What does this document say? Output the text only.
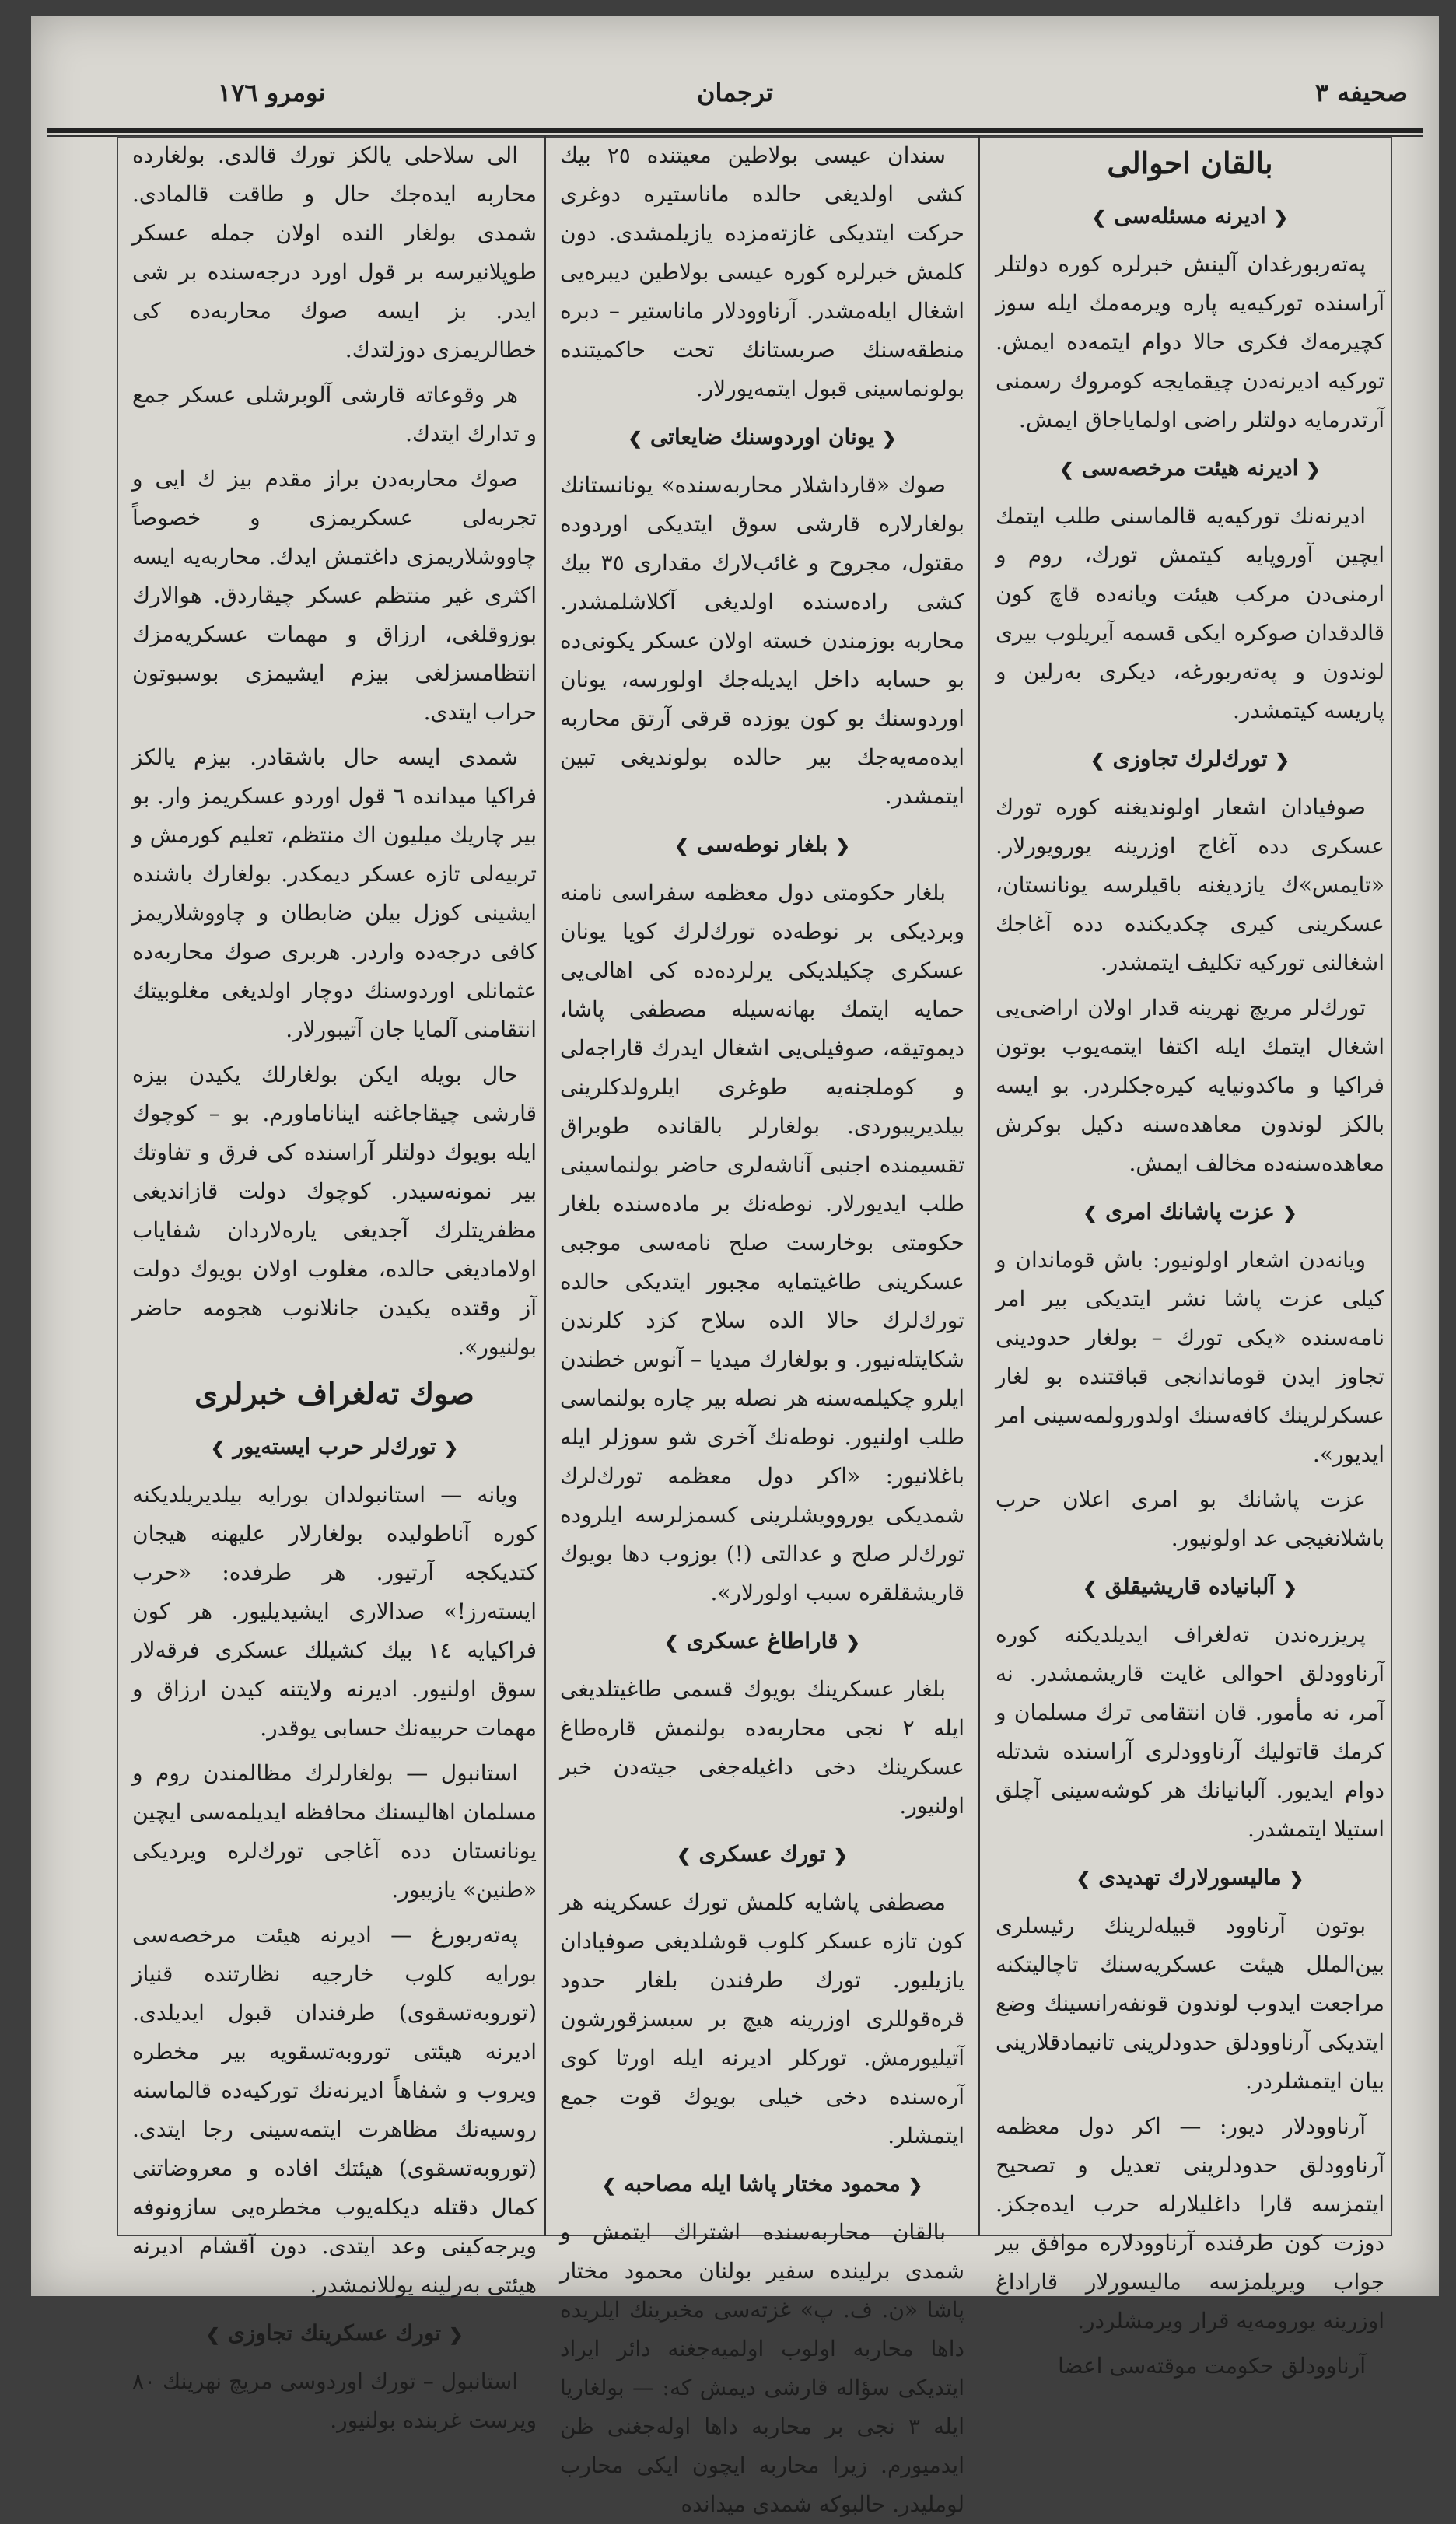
صحيفه ٣
ترجمان
نومرو ١٧٦
بالقان احوالی
❮ادیرنه مسئله‌سی❯

پەتەربورغدان آلینش خبرلره کوره دولتلر آراسنده تورکیه‌یه پاره ویرمه‌مك ایله سوز کچیرمه‌ك فکری حالا دوام ایتمه‌ده ایمش. تورکیه ادیرنه‌دن چیقمایجه کومروك رسمنی آرتدرمایه دولتلر راضی اولمایاجاق ایمش.

❮ادیرنه هیئت مرخصه‌سی❯

ادیرنه‌نك تورکیه‌یه قالماسنی طلب ایتمك ایچین آوروپایه کیتمش تورك، روم و ارمنی‌دن مرکب هیئت ویانه‌ده قاچ کون قالدقدان صوکره ایکی قسمه آیریلوب بیری لوندون و پەتەربورغه، دیکری بەرلین و پاریسه کیتمشدر.

❮تورك‌لرك تجاوزی❯

صوفیادان اشعار اولوندیغنه کوره تورك عسکری دده آغاج اوزرینه یورویورلار. «تایمس»ك یازدیغنه باقیلرسه یونانستان، عسکرینی کیری چکدیکنده دده آغاجك اشغالنی تورکیه تکلیف ایتمشدر.

تورك‌لر مریچ نهرینه قدار اولان اراضی‌یی اشغال ایتمك ایله اکتفا ایتمه‌یوب بوتون فراکیا و ماکدونیایه کیره‌جکلردر. بو ایسه بالکز لوندون معاهده‌سنه دکیل بوکرش معاهده‌سنه‌ده مخالف ایمش.

❮عزت پاشانك امری❯

ویانه‌دن اشعار اولونیور: باش قوماندان و کیلی عزت پاشا نشر ایتدیکی بیر امر نامه‌سنده «یکی تورك – بولغار حدودینی تجاوز ایدن قوماندانجی قباقتنده بو لغار عسکرلرینك کافه‌سنك اولدورولمه‌سینی امر ایدیور».

عزت پاشانك بو امری اعلان حرب باشلانغیجی عد اولونیور.

❮آلبانیاده قاریشیقلق❯

پریزره‌ندن تەلغراف ایدیلدیکنه کوره آرناوودلق احوالی غایت قاریشمشدر. نه آمر، نه مأمور. قان انتقامی ترك مسلمان و کرمك قاتولیك آرناوودلری آراسنده شدتله دوام ایدیور. آلبانیانك هر کوشه‌سینی آچلق استیلا ایتمشدر.

❮مالیسورلارك تهدیدی❯

بوتون آرناوود قبیله‌لرینك رئیسلری بین‌الملل هیئت عسکریه‌سنك تاچالیتکنه مراجعت ایدوب لوندون قونفەرانسینك وضع ایتدیکی آرناوودلق حدودلرینی تانیمادقلارینی بیان ایتمشلردر.

آرناوودلار دیور: — اکر دول معظمه آرناوودلق حدودلرینی تعدیل و تصحیح ایتمزسه قارا داغلیلارله حرب ایده‌جکز. دوزت کون طرفنده آرناوودلاره موافق بیر جواب ویریلمزسه مالیسورلار قاراداغ اوزرینه یورومه‌یه قرار ویرمشلردر.

آرناوودلق حکومت موقته‌سی اعضا

سندان عیسی بولاطین معیتنده ٢٥ بیك کشی اولدیغی حالده ماناستیره دوغری حرکت ایتدیکی غازته‌مزده یازیلمشدی. دون کلمش خبرلره کوره عیسی بولاطین دیبره‌یی اشغال ایله‌مشدر. آرناوودلار ماناستیر – دبره منطقه‌سنك صربستانك تحت حاکمیتنده بولونماسینی قبول ایتمه‌یورلار.

❮یونان اوردوسنك ضایعاتی❯

صوك «قارداشلار محاربه‌سنده» یونانستانك بولغارلاره قارشی سوق ایتدیکی اوردوده مقتول، مجروح و غائب‌لارك مقداری ٣٥ بیك کشی راده‌سنده اولدیغی آکلاشلمشدر. محاربه بوزمندن خسته اولان عسکر یکونی‌ده بو حسابه داخل ایدیله‌جك اولورسه، یونان اوردوسنك بو کون یوزده قرقی آرتق محاربه ایده‌مه‌یه‌جك بیر حالده بولوندیغی تبین ایتمشدر.

❮بلغار نوطه‌سی❯

بلغار حکومتی دول معظمه سفراسی نامنه وبردیکی بر نوطه‌ده تورك‌لرك کویا یونان عسکری چکیلدیکی یرلرده‌ده کی اهالی‌یی حمایه ایتمك بهانه‌سیله مصطفی پاشا، دیموتیقه، صوفیلی‌یی اشغال ایدرك قاراجه‌لی و کوملجنه‌یه طوغری ایلرولدکلرینی بیلدیریبوردی. بولغارلر بالقانده طوبراق تقسیمنده اجنبی آناشه‌لری حاضر بولنماسینی طلب ایدیورلار. نوطه‌نك بر ماده‌سنده بلغار حکومتی بوخارست صلح نامه‌سی موجبی عسکرینی طاغیتمایه مجبور ایتدیکی حالده تورك‌لرك حالا الده سلاح کزد کلرندن شکایتله‌نیور. و بولغارك میدیا – آنوس خطندن ایلرو چکیلمه‌سنه هر نصله بیر چاره بولنماسی طلب اولنیور. نوطه‌نك آخری شو سوزلر ایله باغلانیور: «اکر دول معظمه تورك‌لرك شمدیکی یوروویشلرینی کسمزلرسه ایلروده تورك‌لر صلح و عدالتی (!) بوزوب دها بویوك قاریشقلقره سبب اولورلار».

❮قاراطاغ عسکری❯

بلغار عسکرینك بویوك قسمی طاغیتلدیغی ایله ٢ نجی محاربه‌ده بولنمش قاره‌طاغ عسکرینك دخی داغیله‌جغی جیته‌دن خبر اولنیور.

❮تورك عسکری❯

مصطفی پاشایه کلمش تورك عسکرینه هر کون تازه عسکر کلوب قوشلدیغی صوفیادان یازیلیور. تورك طرفندن بلغار حدود قره‌قوللری اوزرینه هیچ بر سبسزقورشون آتیلیورمش. تورکلر ادیرنه ایله اورتا کوی آره‌سنده دخی خیلی بویوك قوت جمع ایتمشلر.

❮محمود مختار پاشا ایله مصاحبه❯

بالقان محاربه‌سنده اشتراك ایتمش و شمدی برلینده سفیر بولنان محمود مختار پاشا «ن. ف. پ» غزته‌سی مخبرینك ایلریده داها محاربه اولوب اولمیه‌جغنه دائر ایراد ایتدیکی سؤاله قارشی دیمش که: — بولغاریا ایله ٣ نجی بر محاربه داها اوله‌جغنی ظن ایدمیورم. زیرا محاربه ایچون ایکی محارب لوملیدر. حالبوکه شمدی میدانده

الی سلاحلی یالکز تورك قالدی. بولغارده محاربه ایده‌جك حال و طاقت قالمادی. شمدی بولغار النده اولان جمله عسکر طوپلانیرسه بر قول اورد درجه‌سنده بر شی ایدر. بز ایسه صوك محاربه‌ده کی خطالریمزی دوزلتدك.

هر وقوعاته قارشی آلوبرشلی عسکر جمع و تدارك ایتدك.

صوك محاربه‌دن براز مقدم بیز ك ایی و تجربه‌لی عسکریمزی و خصوصاً چاووشلاریمزی داغتمش ایدك. محاربه‌یه ایسه اکثری غیر منتظم عسکر چیقاردق. هوالارك بوزوقلغی، ارزاق و مهمات عسکریه‌مزك انتظامسزلغی بیزم ایشیمزی بوسبوتون حراب ایتدی.

شمدی ایسه حال باشقادر. بیزم یالکز فراکیا میدانده ٦ قول اوردو عسکریمز وار. بو بیر چاریك میلیون اك منتظم، تعلیم کورمش و تربیه‌لی تازه عسکر دیمکدر. بولغارك باشنده ایشینی کوزل بیلن ضابطان و چاووشلاریمز کافی درجه‌ده واردر. هربری صوك محاربه‌ده عثمانلی اوردوسنك دوچار اولدیغی مغلوبیتك انتقامنی آلمایا جان آتیبورلار.

حال بویله ایکن بولغارلك یکیدن بیزه قارشی چیقاجاغنه ایناناماورم. بو – کوچوك ایله بویوك دولتلر آراسنده کی فرق و تفاوتك بیر نمونه‌سیدر. کوچوك دولت قازاندیغی مظفریتلرك آجدیغی یارەلاردان شفایاب اولامادیغی حالده، مغلوب اولان بویوك دولت آز وقتده یکیدن جانلانوب هجومه حاضر بولنیور».

صوك تەلغراف خبرلری
❮تورك‌لر حرب ایسته‌یور❯

ویانه — استانبولدان بورایه بیلدیریلدیکنه کوره آناطولیده بولغارلار علیهنه هیجان کتدیکجه آرتیور. هر طرفده: «حرب ایسته‌رز!» صدالاری ایشیدیلیور. هر کون فراکیایه ١٤ بیك کشیلك عسکری فرقه‌لار سوق اولنیور. ادیرنه ولایتنه کیدن ارزاق و مهمات حربیه‌نك حسابی یوقدر.

استانبول — بولغارلرك مظالمندن روم و مسلمان اهالیسنك محافظه ایدیلمه‌سی ایچین یونانستان دده آغاجی تورك‌لره ویردیکی «طنین» یازیبور.

پەتەربورغ — ادیرنه هیئت مرخصه‌سی بورایه کلوب خارجیه نظارتنده قنیاز (تورو‌به‌تسقوی) طرفندان قبول ایدیلدی. ادیرنه هیئتی تورو‌به‌تسقویه بیر مخطره ویروب و شفاهاً ادیرنه‌نك تورکیه‌ده قالماسنه روسیه‌نك مظاهرت ایتمه‌سینی رجا ایتدی. (تورو‌به‌تسقوی) هیئتك افاده و معروضاتنی کمال دقتله دیکله‌یوب مخطره‌یی سازونوفه ویرجه‌کینی وعد ایتدی. دون آقشام ادیرنه هیئتی بەرلینه یوللانمشدر.

❮تورك عسکرینك تجاوزی❯

استانبول – تورك اوردوسی مریچ نهرینك ٨٠ ویرست غربنده بولنیور.
